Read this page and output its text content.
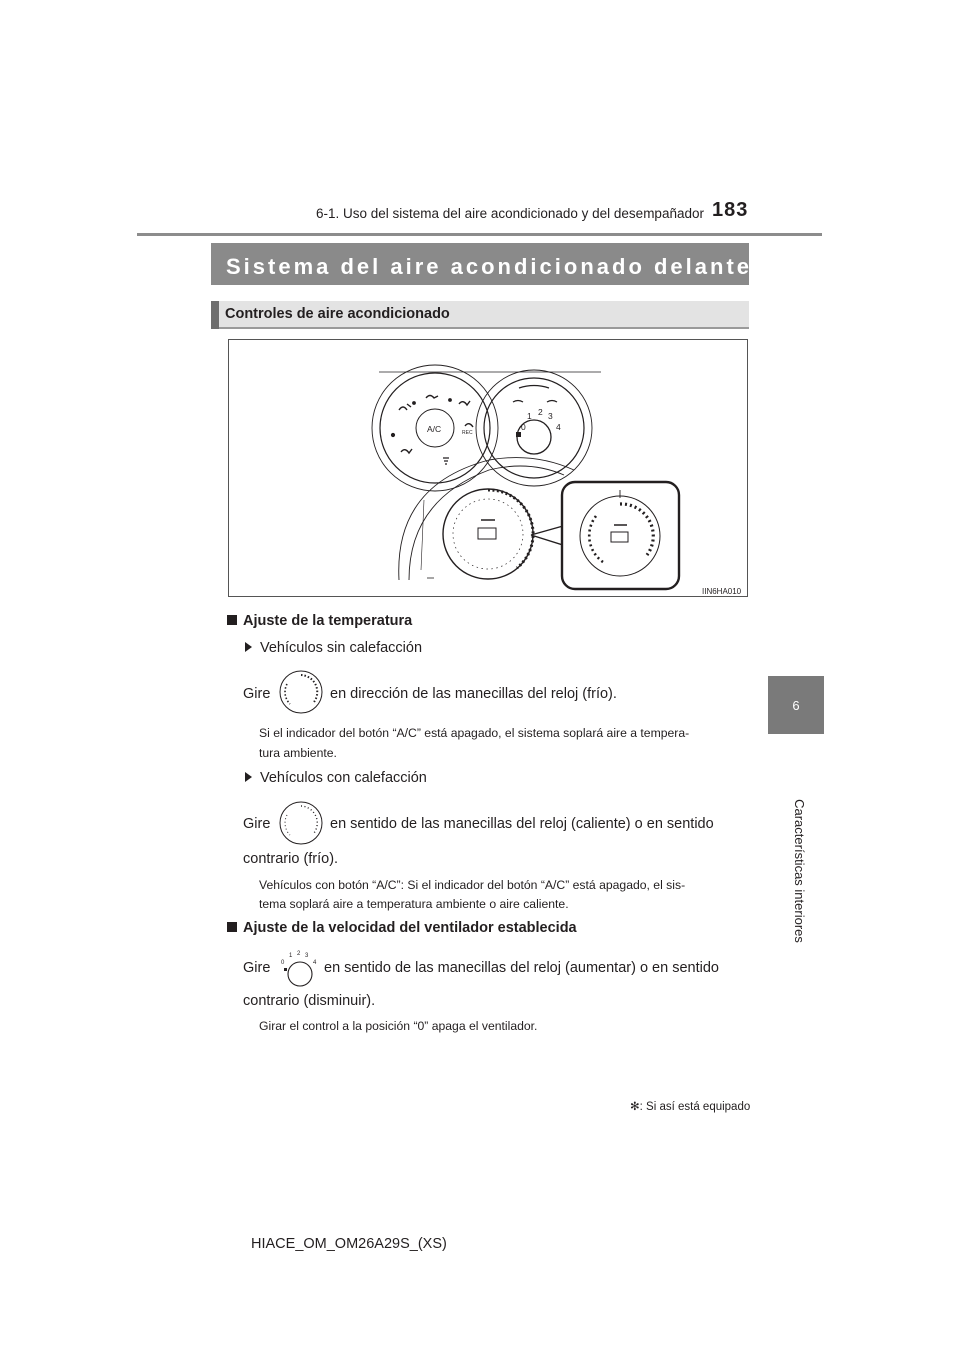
6-1. Uso del sistema del aire acondicionado y del desempañador 183
6
Características interiores
Sistema del aire acondicionado delantero ✻
Controles de aire acondicionado
A/C	REC
0
1 2 3
4
IIN6HA010
Ajuste de la temperatura
Vehículos sin calefacción
Gire	en dirección de las manecillas del reloj (frío).
Si el indicador del botón “A/C” está apagado, el sistema soplará aire a tempera-
tura ambiente.
Vehículos con calefacción
Gire	en sentido de las manecillas del reloj (caliente) o en sentido
contrario (frío).
Vehículos con botón “A/C”: Si el indicador del botón “A/C” está apagado, el sis-
tema soplará aire a temperatura ambiente o aire caliente.
Ajuste de la velocidad del ventilador establecida
Gire 0
1 2 3
4 en sentido de las manecillas del reloj (aumentar) o en sentido
contrario (disminuir).
Girar el control a la posición “0” apaga el ventilador.
✻: Si así está equipado
HIACE_OM_OM26A29S_(XS)
